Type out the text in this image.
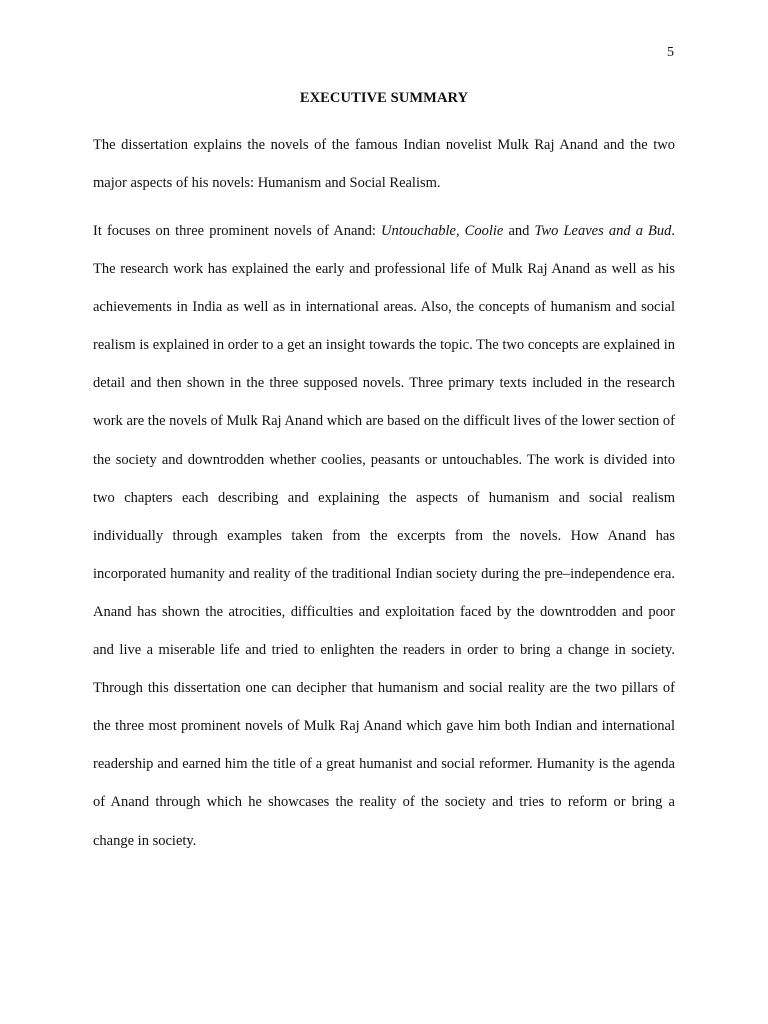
5
EXECUTIVE SUMMARY

The dissertation explains the novels of the famous Indian novelist Mulk Raj Anand and the two major aspects of his novels: Humanism and Social Realism.

It focuses on three prominent novels of Anand: Untouchable, Coolie and Two Leaves and a Bud. The research work has explained the early and professional life of Mulk Raj Anand as well as his achievements in India as well as in international areas. Also, the concepts of humanism and social realism is explained in order to a get an insight towards the topic. The two concepts are explained in detail and then shown in the three supposed novels. Three primary texts included in the research work are the novels of Mulk Raj Anand which are based on the difficult lives of the lower section of the society and downtrodden whether coolies, peasants or untouchables. The work is divided into two chapters each describing and explaining the aspects of humanism and social realism individually through examples taken from the excerpts from the novels. How Anand has incorporated humanity and reality of the traditional Indian society during the pre–independence era. Anand has shown the atrocities, difficulties and exploitation faced by the downtrodden and poor and live a miserable life and tried to enlighten the readers in order to bring a change in society. Through this dissertation one can decipher that humanism and social reality are the two pillars of the three most prominent novels of Mulk Raj Anand which gave him both Indian and international readership and earned him the title of a great humanist and social reformer. Humanity is the agenda of Anand through which he showcases the reality of the society and tries to reform or bring a change in society.
